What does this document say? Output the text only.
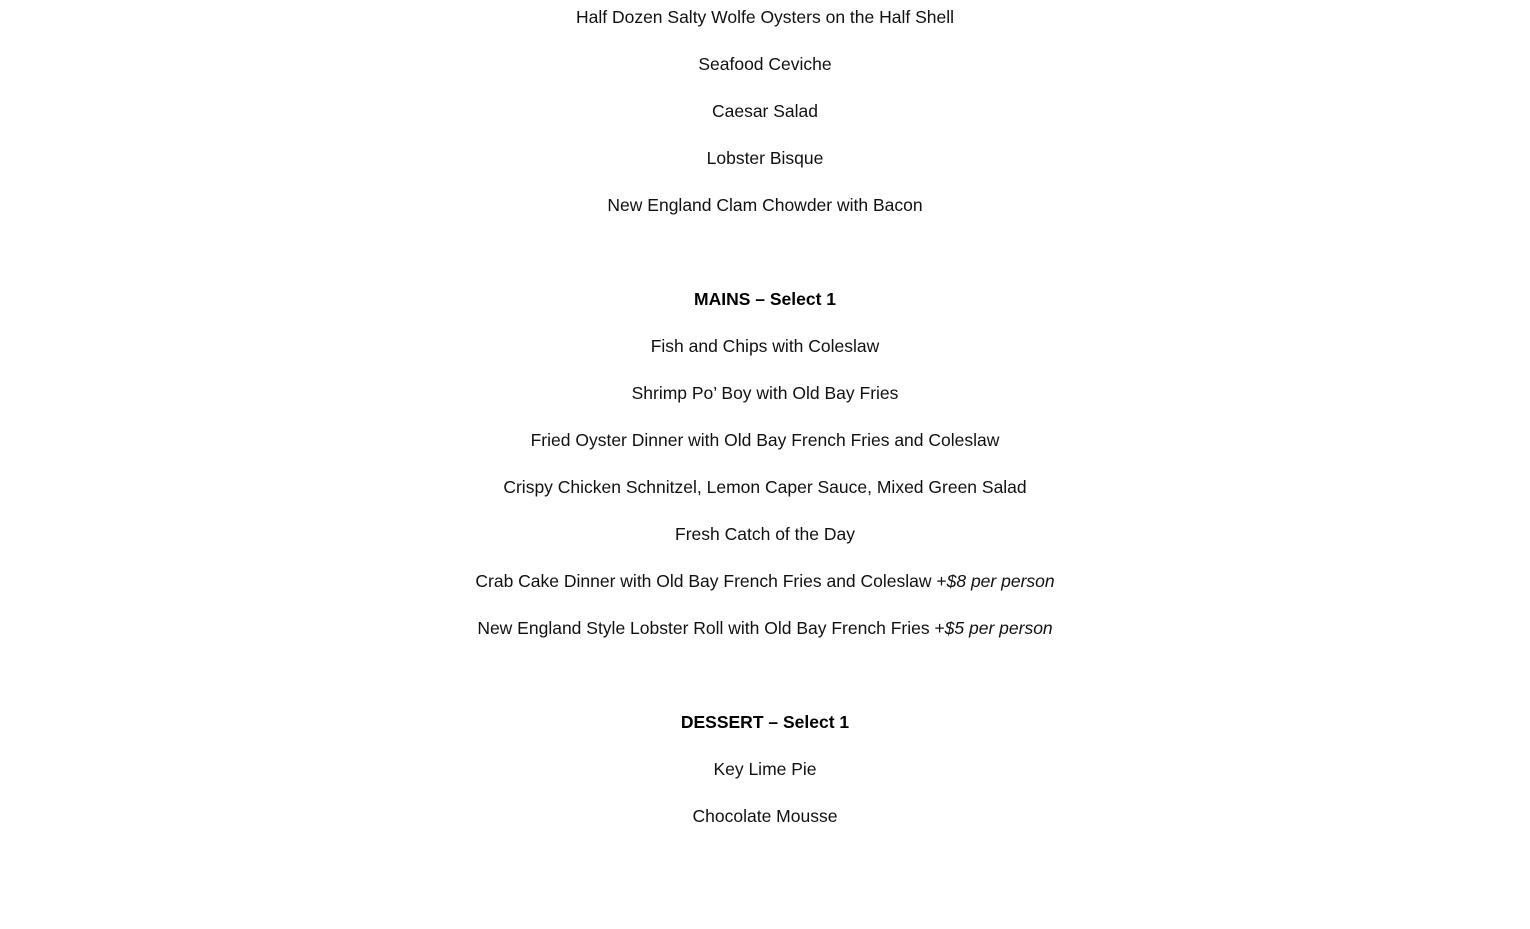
Half Dozen Salty Wolfe Oysters on the Half Shell
Seafood Ceviche
Caesar Salad
Lobster Bisque
New England Clam Chowder with Bacon
MAINS – Select 1
Fish and Chips with Coleslaw
Shrimp Po’ Boy with Old Bay Fries
Fried Oyster Dinner with Old Bay French Fries and Coleslaw
Crispy Chicken Schnitzel, Lemon Caper Sauce, Mixed Green Salad
Fresh Catch of the Day
Crab Cake Dinner with Old Bay French Fries and Coleslaw +$8 per person
New England Style Lobster Roll with Old Bay French Fries +$5 per person
DESSERT – Select 1
Key Lime Pie
Chocolate Mousse
